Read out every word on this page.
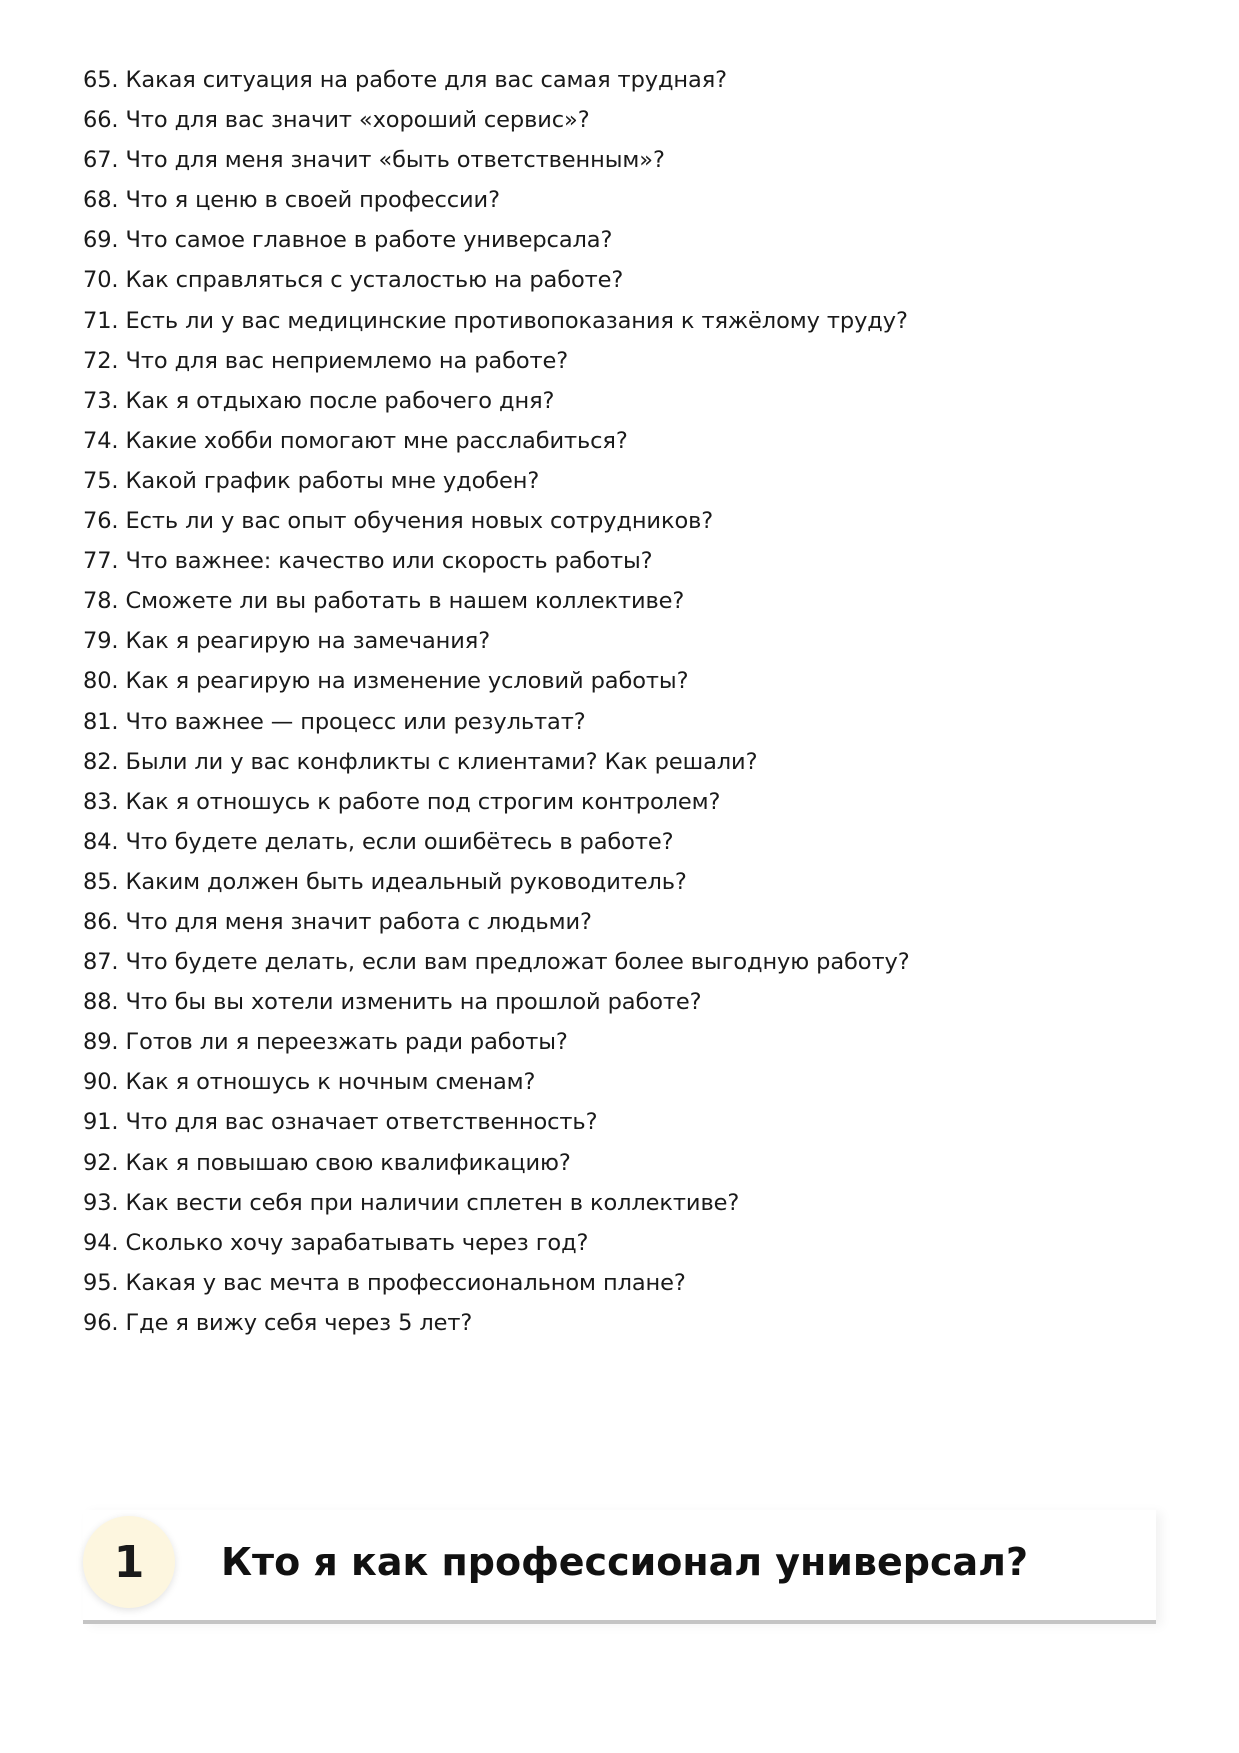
65. Какая ситуация на работе для вас самая трудная?
66. Что для вас значит «хороший сервис»?
67. Что для меня значит «быть ответственным»?
68. Что я ценю в своей профессии?
69. Что самое главное в работе универсала?
70. Как справляться с усталостью на работе?
71. Есть ли у вас медицинские противопоказания к тяжёлому труду?
72. Что для вас неприемлемо на работе?
73. Как я отдыхаю после рабочего дня?
74. Какие хобби помогают мне расслабиться?
75. Какой график работы мне удобен?
76. Есть ли у вас опыт обучения новых сотрудников?
77. Что важнее: качество или скорость работы?
78. Сможете ли вы работать в нашем коллективе?
79. Как я реагирую на замечания?
80. Как я реагирую на изменение условий работы?
81. Что важнее — процесс или результат?
82. Были ли у вас конфликты с клиентами? Как решали?
83. Как я отношусь к работе под строгим контролем?
84. Что будете делать, если ошибётесь в работе?
85. Каким должен быть идеальный руководитель?
86. Что для меня значит работа с людьми?
87. Что будете делать, если вам предложат более выгодную работу?
88. Что бы вы хотели изменить на прошлой работе?
89. Готов ли я переезжать ради работы?
90. Как я отношусь к ночным сменам?
91. Что для вас означает ответственность?
92. Как я повышаю свою квалификацию?
93. Как вести себя при наличии сплетен в коллективе?
94. Сколько хочу зарабатывать через год?
95. Какая у вас мечта в профессиональном плане?
96. Где я вижу себя через 5 лет?
1	Кто я как профессионал универсал?
